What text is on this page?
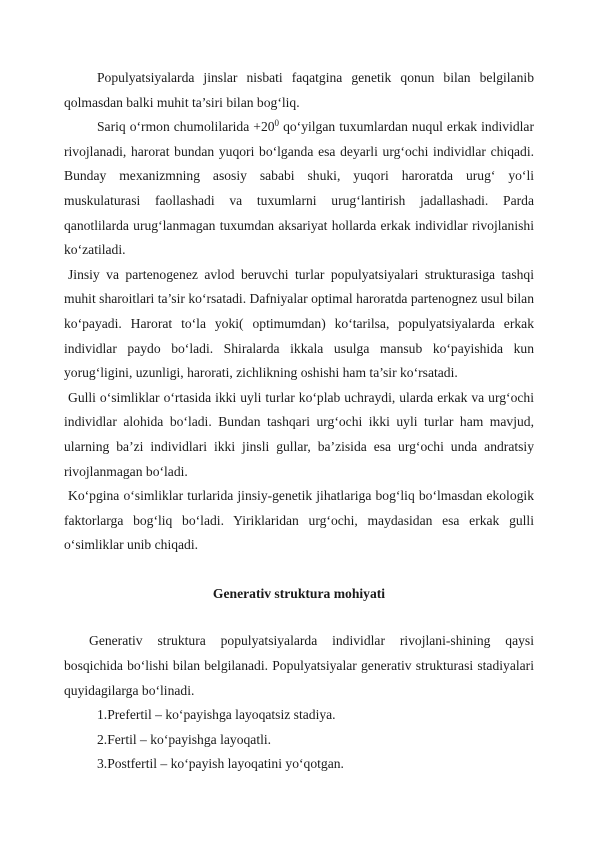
Populyatsiyalarda jinslar nisbati faqatgina genetik qonun bilan belgilanib qolmasdan balki muhit ta’siri bilan bog‘liq.

Sariq o‘rmon chumolilarida $+20^0$ qo‘yilgan tuxumlardan nuqul erkak individlar rivojlanadi, harorat bundan yuqori bo‘lganda esa deyarli urg‘ochi individlar chiqadi. Bunday mexanizmning asosiy sababi shuki, yuqori haroratda urug‘ yo‘li muskulaturasi faollashadi va tuxumlarni urug‘lantirish jadallashadi. Parda qanotlilarda urug‘lanmagan tuxumdan aksariyat hollarda erkak individlar rivojlanishi ko‘zatiladi.

Jinsiy va partenogenez avlod beruvchi turlar populyatsiyalari strukturasiga tashqi muhit sharoitlari ta’sir ko‘rsatadi. Dafniyalar optimal haroratda partenognez usul bilan ko‘payadi. Harorat to‘la yoki( optimumdan) ko‘tarilsa, populyatsiyalarda erkak individlar paydo bo‘ladi. Shiralarda ikkala usulga mansub ko‘payishida kun yorug‘ligini, uzunligi, harorati, zichlikning oshishi ham ta’sir ko‘rsatadi.

Gulli o‘simliklar o‘rtasida ikki uyli turlar ko‘plab uchraydi, ularda erkak va urg‘ochi individlar alohida bo‘ladi. Bundan tashqari urg‘ochi ikki uyli turlar ham mavjud, ularning ba’zi individlari ikki jinsli gullar, ba’zisida esa urg‘ochi unda andratsiy rivojlanmagan bo‘ladi.

Ko‘pgina o‘simliklar turlarida jinsiy-genetik jihatlariga bog‘liq bo‘lmasdan ekologik faktorlarga bog‘liq bo‘ladi. Yiriklaridan urg‘ochi, maydasidan esa erkak gulli o‘simliklar unib chiqadi.

Generativ struktura mohiyati

Generativ struktura populyatsiyalarda individlar rivojlani-shining qaysi bosqichida bo‘lishi bilan belgilanadi. Populyatsiyalar generativ strukturasi stadiyalari quyidagilarga bo‘linadi.

1.Prefertil – ko‘payishga layoqatsiz stadiya.

2.Fertil – ko‘payishga layoqatli.

3.Postfertil – ko‘payish layoqatini yo‘qotgan.
